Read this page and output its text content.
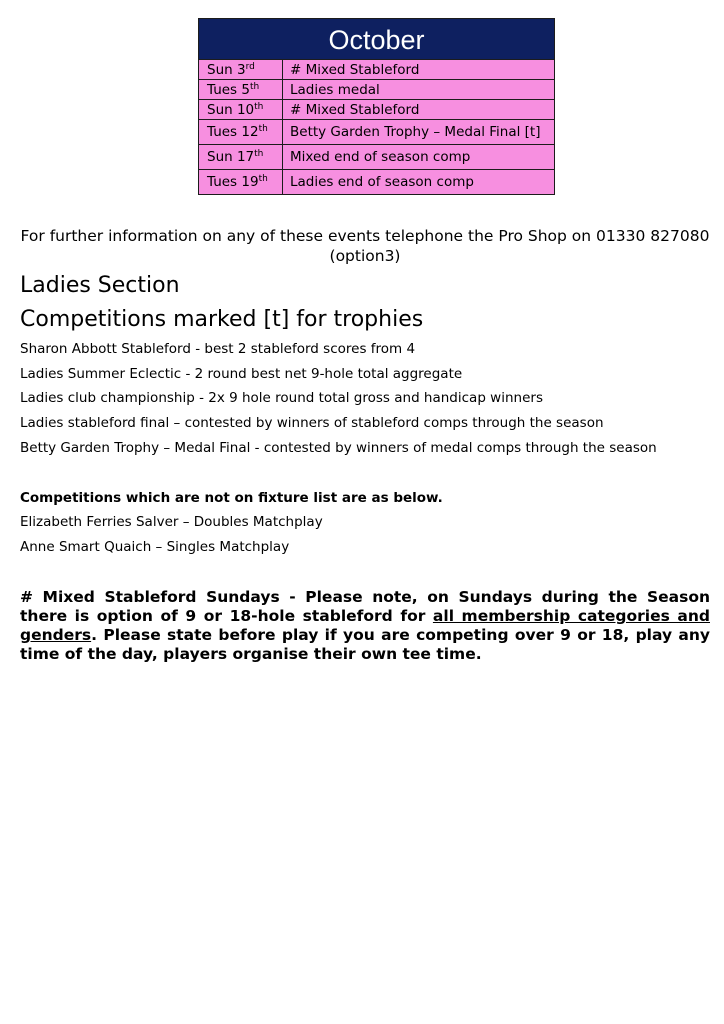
October
Sun 3rd	# Mixed Stableford
Tues 5th	Ladies medal
Sun 10th	# Mixed Stableford
Tues 12th	Betty Garden Trophy – Medal Final [t]
Sun 17th	Mixed end of season comp
Tues 19th	Ladies end of season comp
For further information on any of these events telephone the Pro Shop on 01330 827080 (option3)
Ladies Section
Competitions marked [t] for trophies
Sharon Abbott Stableford - best 2 stableford scores from 4
Ladies Summer Eclectic - 2 round best net 9-hole total aggregate
Ladies club championship - 2x 9 hole round total gross and handicap winners
Ladies stableford final – contested by winners of stableford comps through the season
Betty Garden Trophy – Medal Final - contested by winners of medal comps through the season
Competitions which are not on fixture list are as below.
Elizabeth Ferries Salver – Doubles Matchplay
Anne Smart Quaich – Singles Matchplay
# Mixed Stableford Sundays - Please note, on Sundays during the Season there is option of 9 or 18-hole stableford for all membership categories and genders. Please state before play if you are competing over 9 or 18, play any time of the day, players organise their own tee time.
